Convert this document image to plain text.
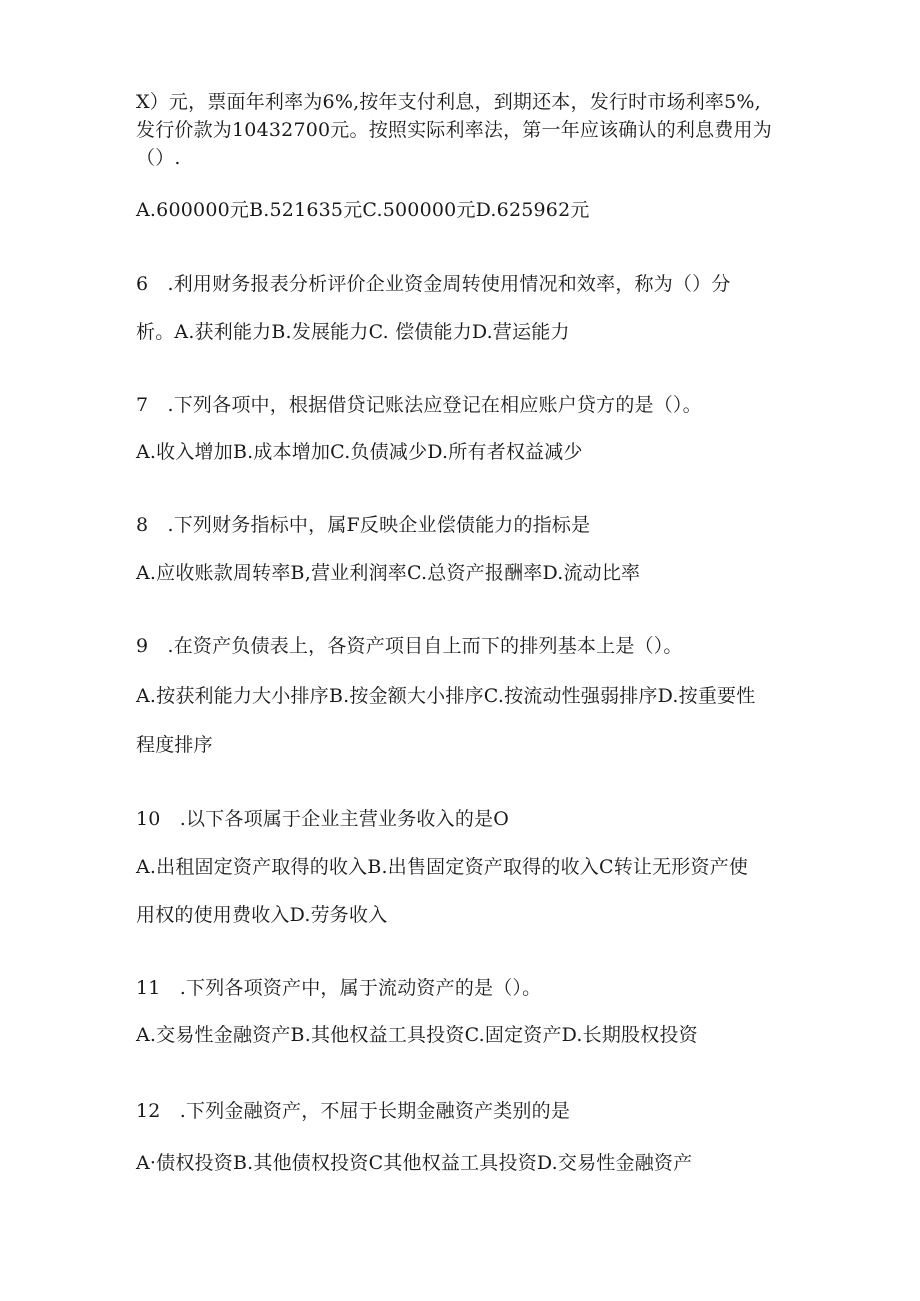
X）元，票面年利率为6%,按年支付利息，到期还本，发行时市场利率5%,
发行价款为10432700元。按照实际利率法，第一年应该确认的利息费用为
（）.
A.600000元B.521635元C.500000元D.625962元
6　.利用财务报表分析评价企业资金周转使用情况和效率，称为（）分
析。A.获利能力B.发展能力C. 偿债能力D.营运能力
7　.下列各项中，根据借贷记账法应登记在相应账户贷方的是（）。
A.收入增加B.成本增加C.负债减少D.所有者权益减少
8　.下列财务指标中，属F反映企业偿债能力的指标是
A.应收账款周转率B,营业利润率C.总资产报酬率D.流动比率
9　.在资产负债表上，各资产项目自上而下的排列基本上是（）。
A.按获利能力大小排序B.按金额大小排序C.按流动性强弱排序D.按重要性
程度排序
10　.以下各项属于企业主营业务收入的是O
A.出租固定资产取得的收入B.出售固定资产取得的收入C转让无形资产使
用权的使用费收入D.劳务收入
11　.下列各项资产中，属于流动资产的是（）。
A.交易性金融资产B.其他权益工具投资C.固定资产D.长期股权投资
12　.下列金融资产，不屈于长期金融资产类别的是
A·债权投资B.其他债权投资C其他权益工具投资D.交易性金融资产
